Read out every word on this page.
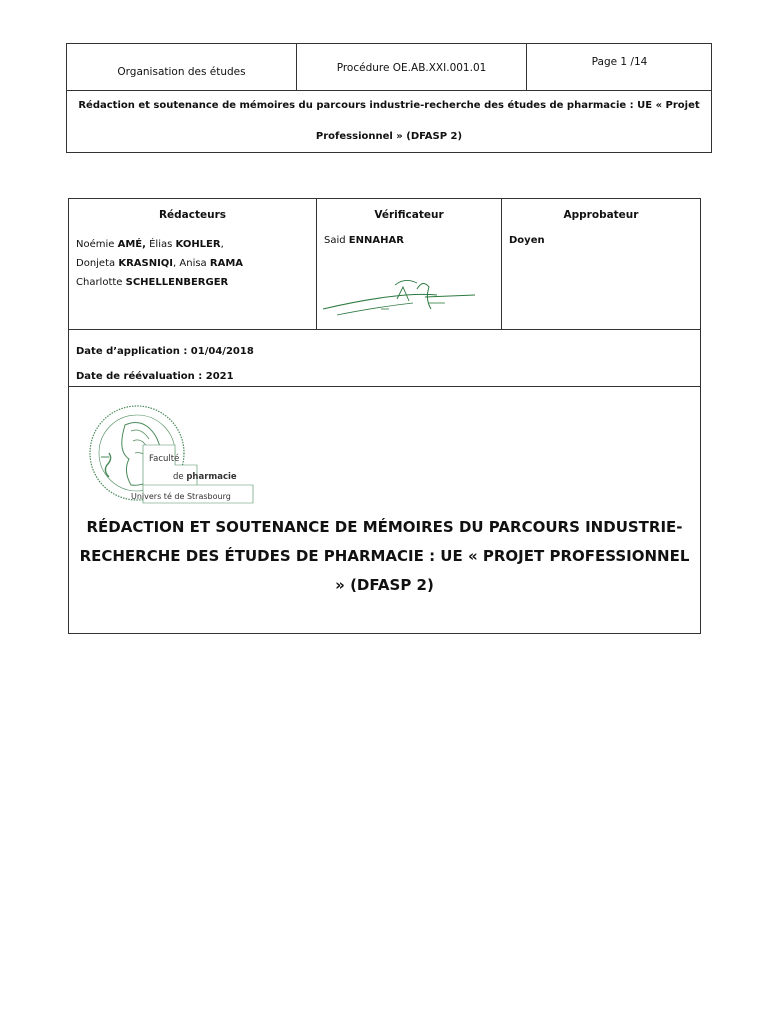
Organisation des études	Procédure OE.AB.XXI.001.01	Page 1 /14
Rédaction et soutenance de mémoires du parcours industrie-recherche des études de pharmacie : UE « Projet Professionnel » (DFASP 2)
Rédacteurs
Noémie AMÉ, Élias KOHLER,
Donjeta KRASNIQI, Anisa RAMA
Charlotte SCHELLENBERGER
Vérificateur
Said ENNAHAR
Approbateur
Doyen
Date d’application : 01/04/2018
Date de réévaluation : 2021
Faculté
de pharmacie
Univers té de Strasbourg
RÉDACTION ET SOUTENANCE DE MÉMOIRES DU PARCOURS INDUSTRIE-RECHERCHE DES ÉTUDES DE PHARMACIE : UE « PROJET PROFESSIONNEL » (DFASP 2)
